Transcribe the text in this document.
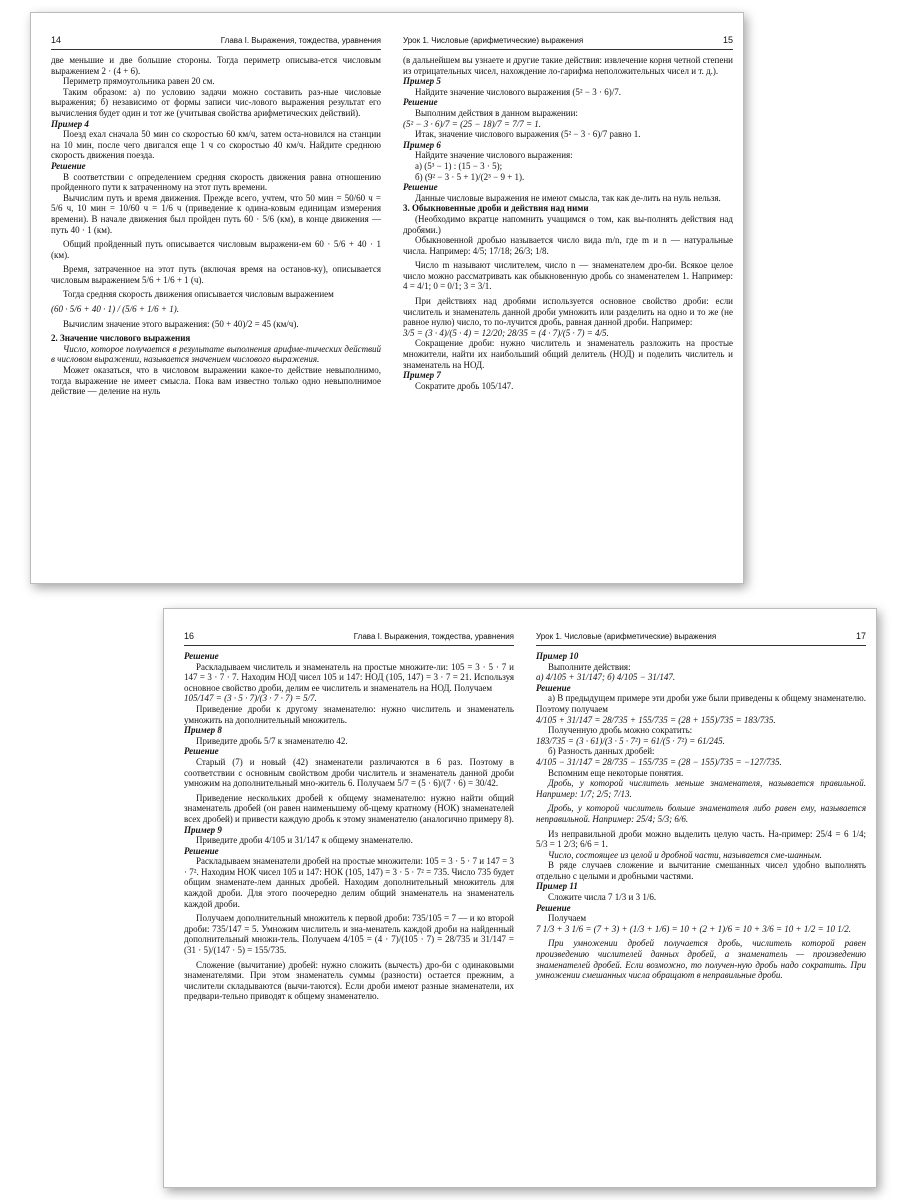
14	Глава I. Выражения, тождества, уравнения

две меньшие и две большие стороны. Тогда периметр описыва-ется числовым выражением 2 · (4 + 6).

Периметр прямоугольника равен 20 см.

Таким образом: а) по условию задачи можно составить раз-ные числовые выражения; б) независимо от формы записи чис-лового выражения результат его вычисления будет один и тот же (учитывая свойства арифметических действий).

Пример 4

Поезд ехал сначала 50 мин со скоростью 60 км/ч, затем оста-новился на станции на 10 мин, после чего двигался еще 1 ч со скоростью 40 км/ч. Найдите среднюю скорость движения поезда.

Решение

В соответствии с определением средняя скорость движения равна отношению пройденного пути к затраченному на этот путь времени.

Вычислим путь и время движения. Прежде всего, учтем, что 50 мин = 50/60 ч = 5/6 ч, 10 мин = 10/60 ч = 1/6 ч (приведение к одина-ковым единицам измерения времени). В начале движения был пройден путь 60 · 5/6 (км), в конце движения — путь 40 · 1 (км).

Общий пройденный путь описывается числовым выражени-ем 60 · 5/6 + 40 · 1 (км).

Время, затраченное на этот путь (включая время на останов-ку), описывается числовым выражением 5/6 + 1/6 + 1 (ч).

Тогда средняя скорость движения описывается числовым выражением

(60 · 5/6 + 40 · 1) / (5/6 + 1/6 + 1).

Вычислим значение этого выражения: (50 + 40)/2 = 45 (км/ч).

2. Значение числового выражения

Число, которое получается в результате выполнения арифме-тических действий в числовом выражении, называется значением числового выражения.

Может оказаться, что в числовом выражении какое-то действие невыполнимо, тогда выражение не имеет смысла. Пока вам известно только одно невыполнимое действие — деление на нуль

Урок 1. Числовые (арифметические) выражения	15

(в дальнейшем вы узнаете и другие такие действия: извлечение корня четной степени из отрицательных чисел, нахождение ло-гарифма неположительных чисел и т. д.).

Пример 5

Найдите значение числового выражения (5² − 3 · 6)/7.

Решение

Выполним действия в данном выражении:

(5² − 3 · 6)/7 = (25 − 18)/7 = 7/7 = 1.

Итак, значение числового выражения (5² − 3 · 6)/7 равно 1.

Пример 6

Найдите значение числового выражения:

а) (5³ − 1) : (15 − 3 · 5);

б) (9² − 3 · 5 + 1)/(2³ − 9 + 1).

Решение

Данные числовые выражения не имеют смысла, так как де-лить на нуль нельзя.

3. Обыкновенные дроби и действия над ними

(Необходимо вкратце напомнить учащимся о том, как вы-полнять действия над дробями.)

Обыкновенной дробью называется число вида m/n, где m и n — натуральные числа. Например: 4/5; 17/18; 26/3; 1/8.

Число m называют числителем, число n — знаменателем дро-би. Всякое целое число можно рассматривать как обыкновенную дробь со знаменателем 1. Например: 4 = 4/1; 0 = 0/1; 3 = 3/1.

При действиях над дробями используется основное свойство дроби: если числитель и знаменатель данной дроби умножить или разделить на одно и то же (не равное нулю) число, то по-лучится дробь, равная данной дроби. Например:

3/5 = (3 · 4)/(5 · 4) = 12/20; 28/35 = (4 · 7)/(5 · 7) = 4/5.

Сокращение дроби: нужно числитель и знаменатель разложить на простые множители, найти их наибольший общий делитель (НОД) и поделить числитель и знаменатель на НОД.

Пример 7

Сократите дробь 105/147.

16	Глава I. Выражения, тождества, уравнения

Решение

Раскладываем числитель и знаменатель на простые множите-ли: 105 = 3 · 5 · 7 и 147 = 3 · 7 · 7. Находим НОД чисел 105 и 147: НОД (105, 147) = 3 · 7 = 21. Используя основное свойство дроби, делим ее числитель и знаменатель на НОД. Получаем

105/147 = (3 · 5 · 7)/(3 · 7 · 7) = 5/7.

Приведение дроби к другому знаменателю: нужно числитель и знаменатель умножить на дополнительный множитель.

Пример 8

Приведите дробь 5/7 к знаменателю 42.

Решение

Старый (7) и новый (42) знаменатели различаются в 6 раз. Поэтому в соответствии с основным свойством дроби числитель и знаменатель данной дроби умножим на дополнительный мно-житель 6. Получаем 5/7 = (5 · 6)/(7 · 6) = 30/42.

Приведение нескольких дробей к общему знаменателю: нужно найти общий знаменатель дробей (он равен наименьшему об-щему кратному (НОК) знаменателей всех дробей) и привести каждую дробь к этому знаменателю (аналогично примеру 8).

Пример 9

Приведите дроби 4/105 и 31/147 к общему знаменателю.

Решение

Раскладываем знаменатели дробей на простые множители: 105 = 3 · 5 · 7 и 147 = 3 · 7². Находим НОК чисел 105 и 147: НОК (105, 147) = 3 · 5 · 7² = 735. Число 735 будет общим знаменате-лем данных дробей. Находим дополнительный множитель для каждой дроби. Для этого поочередно делим общий знаменатель на знаменатель каждой дроби.

Получаем дополнительный множитель к первой дроби: 735/105 = 7 — и ко второй дроби: 735/147 = 5. Умножим числитель и зна-менатель каждой дроби на найденный дополнительный множи-тель. Получаем 4/105 = (4 · 7)/(105 · 7) = 28/735 и 31/147 = (31 · 5)/(147 · 5) = 155/735.

Сложение (вычитание) дробей: нужно сложить (вычесть) дро-би с одинаковыми знаменателями. При этом знаменатель суммы (разности) остается прежним, а числители складываются (вычи-таются). Если дроби имеют разные знаменатели, их предвари-тельно приводят к общему знаменателю.

Урок 1. Числовые (арифметические) выражения	17

Пример 10

Выполните действия:

а) 4/105 + 31/147; б) 4/105 − 31/147.

Решение

а) В предыдущем примере эти дроби уже были приведены к общему знаменателю. Поэтому получаем

4/105 + 31/147 = 28/735 + 155/735 = (28 + 155)/735 = 183/735.

Полученную дробь можно сократить:

183/735 = (3 · 61)/(3 · 5 · 7²) = 61/(5 · 7²) = 61/245.

б) Разность данных дробей:

4/105 − 31/147 = 28/735 − 155/735 = (28 − 155)/735 = −127/735.

Вспомним еще некоторые понятия.

Дробь, у которой числитель меньше знаменателя, называется правильной. Например: 1/7; 2/5; 7/13.

Дробь, у которой числитель больше знаменателя либо равен ему, называется неправильной. Например: 25/4; 5/3; 6/6.

Из неправильной дроби можно выделить целую часть. На-пример: 25/4 = 6 1/4; 5/3 = 1 2/3; 6/6 = 1.

Число, состоящее из целой и дробной части, называется сме-шанным.

В ряде случаев сложение и вычитание смешанных чисел удобно выполнять отдельно с целыми и дробными частями.

Пример 11

Сложите числа 7 1/3 и 3 1/6.

Решение

Получаем

7 1/3 + 3 1/6 = (7 + 3) + (1/3 + 1/6) = 10 + (2 + 1)/6 = 10 + 3/6 = 10 + 1/2 = 10 1/2.

При умножении дробей получается дробь, числитель которой равен произведению числителей данных дробей, а знаменатель — произведению знаменателей дробей. Если возможно, то получен-ную дробь надо сократить. При умножении смешанных числа обращают в неправильные дроби.
